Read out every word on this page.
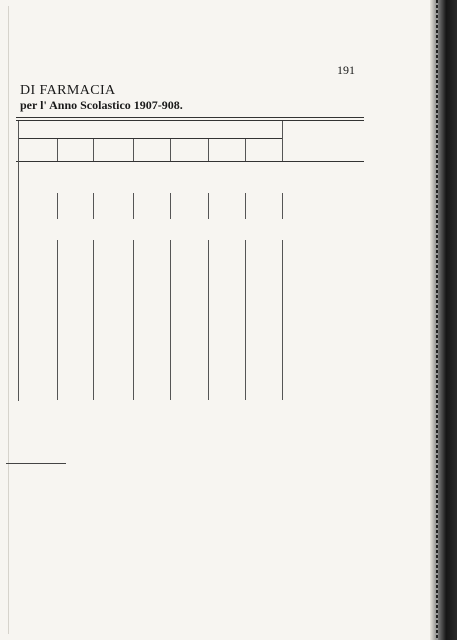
191
DI FARMACIA
per l' Anno Scolastico 1907-908.
